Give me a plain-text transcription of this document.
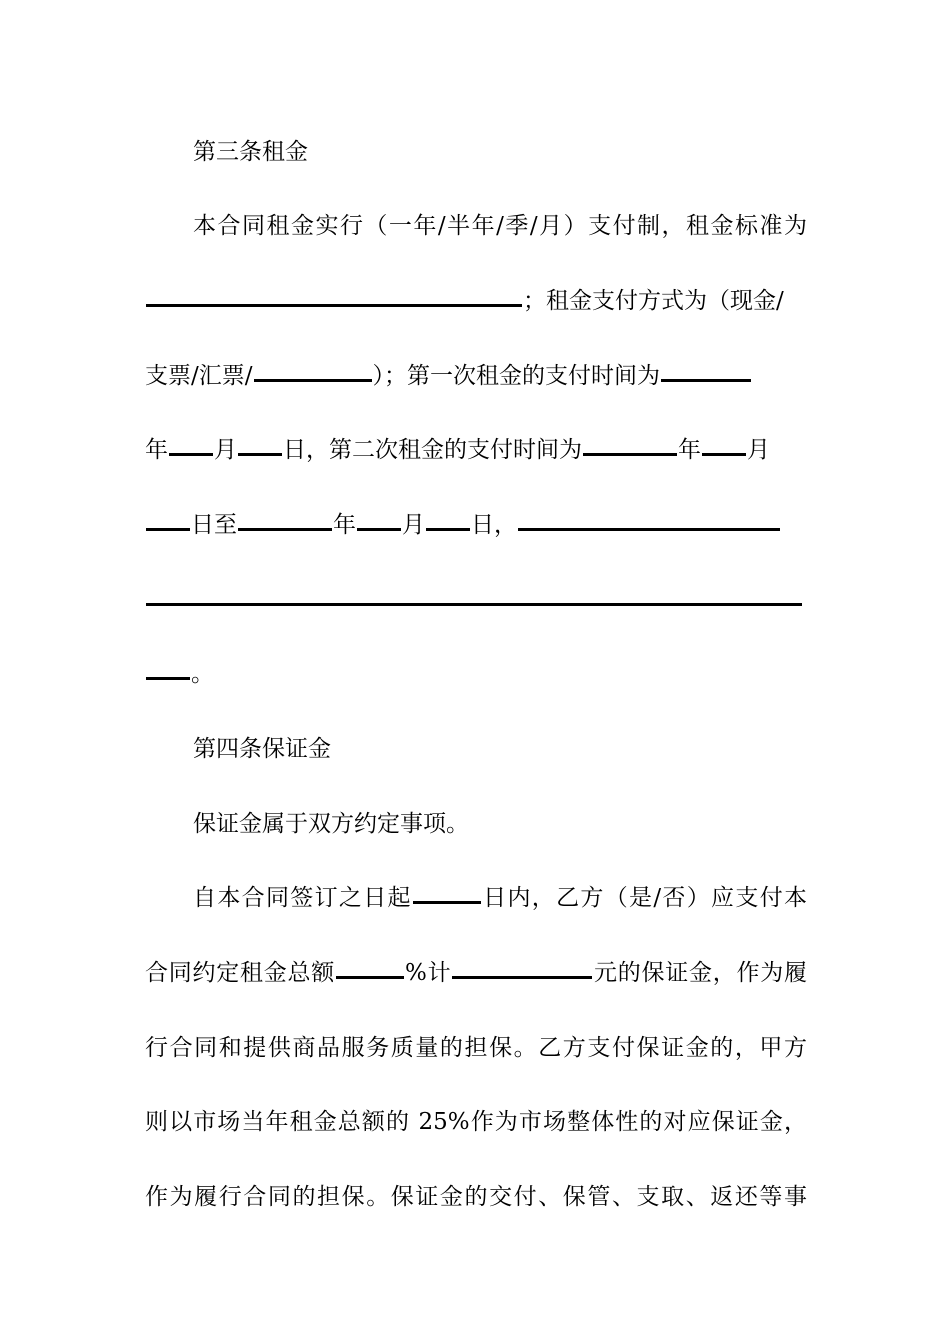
第三条租金
本合同租金实行（一年/半年/季/月）支付制，租金标准为
；租金支付方式为（现金/
支票/汇票/	）；第一次租金的支付时间为
年 月 日，第二次租金的支付时间为	年 月
日至	年 月 日，
。
第四条保证金
保证金属于双方约定事项。
自本合同签订之日起	日内，乙方（是/否）应支付本
合同约定租金总额	%计	元的保证金，作为履
行合同和提供商品服务质量的担保。乙方支付保证金的，甲方
则以市场当年租金总额的 25%作为市场整体性的对应保证金，
作为履行合同的担保。保证金的交付、保管、支取、返还等事
